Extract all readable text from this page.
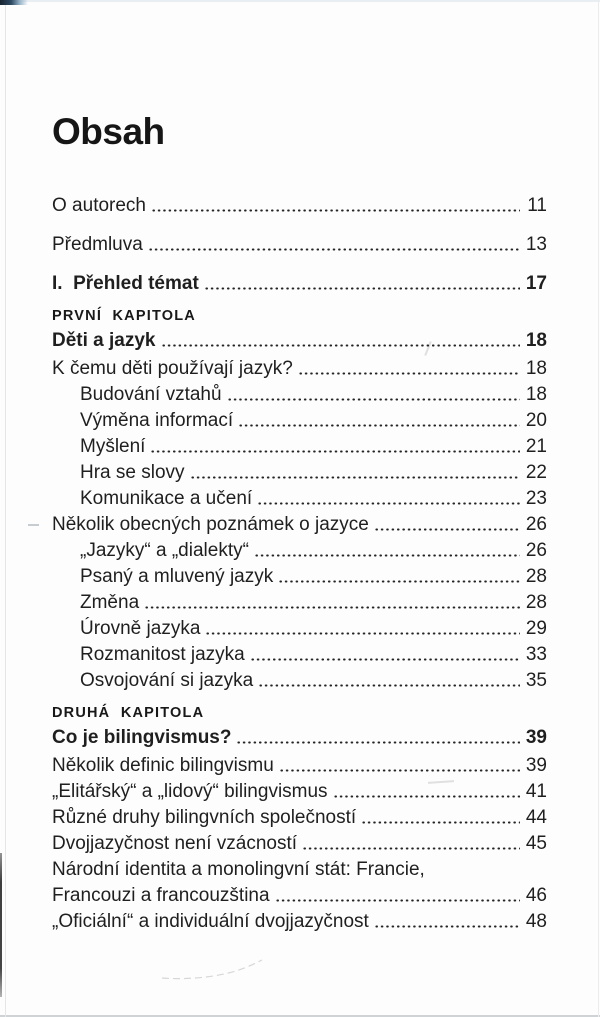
Obsah
O autorech	11
Předmluva	13
I.  Přehled témat	17
PRVNÍ  KAPITOLA
Děti a jazyk	18
K čemu děti používají jazyk?	18
Budování vztahů	18
Výměna informací	20
Myšlení	21
Hra se slovy	22
Komunikace a učení	23
Několik obecných poznámek o jazyce	26
„Jazyky“ a „dialekty“	26
Psaný a mluvený jazyk	28
Změna	28
Úrovně jazyka	29
Rozmanitost jazyka	33
Osvojování si jazyka	35
DRUHÁ  KAPITOLA
Co je bilingvismus?	39
Několik definic bilingvismu	39
„Elitářský“ a „lidový“ bilingvismus	41
Různé druhy bilingvních společností	44
Dvojjazyčnost není vzácností	45
Národní identita a monolingvní stát: Francie,
Francouzi a francouzština	46
„Oficiální“ a individuální dvojjazyčnost	48
